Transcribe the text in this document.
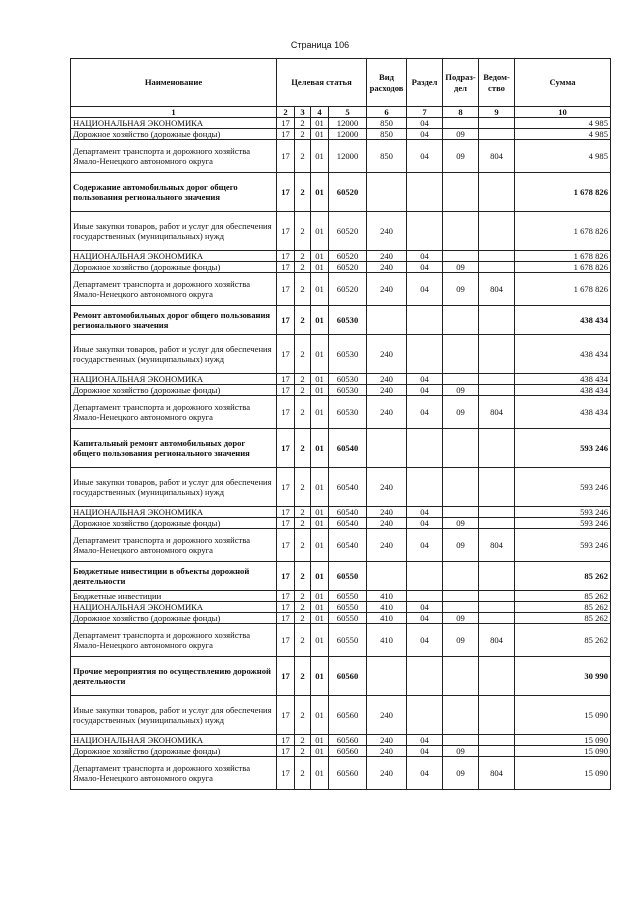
Страница 106
Наименование	Целевая статья				Вид расходов	Раздел	Подраз-дел	Ведом-ство	Сумма
1	2	3	4	5	6	7	8	9	10
НАЦИОНАЛЬНАЯ ЭКОНОМИКА	17	2	01	12000	850	04			4 985
Дорожное хозяйство (дорожные фонды)	17	2	01	12000	850	04	09		4 985
Департамент транспорта и дорожного хозяйства Ямало-Ненецкого автономного округа	17	2	01	12000	850	04	09	804	4 985
Содержание автомобильных дорог общего пользования регионального значения	17	2	01	60520					1 678 826
Иные закупки товаров, работ и услуг для обеспечения государственных (муниципальных) нужд	17	2	01	60520	240				1 678 826
НАЦИОНАЛЬНАЯ ЭКОНОМИКА	17	2	01	60520	240	04			1 678 826
Дорожное хозяйство (дорожные фонды)	17	2	01	60520	240	04	09		1 678 826
Департамент транспорта и дорожного хозяйства Ямало-Ненецкого автономного округа	17	2	01	60520	240	04	09	804	1 678 826
Ремонт автомобильных дорог общего пользования регионального значения	17	2	01	60530					438 434
Иные закупки товаров, работ и услуг для обеспечения государственных (муниципальных) нужд	17	2	01	60530	240				438 434
НАЦИОНАЛЬНАЯ ЭКОНОМИКА	17	2	01	60530	240	04			438 434
Дорожное хозяйство (дорожные фонды)	17	2	01	60530	240	04	09		438 434
Департамент транспорта и дорожного хозяйства Ямало-Ненецкого автономного округа	17	2	01	60530	240	04	09	804	438 434
Капитальный ремонт автомобильных дорог общего пользования регионального значения	17	2	01	60540					593 246
Иные закупки товаров, работ и услуг для обеспечения государственных (муниципальных) нужд	17	2	01	60540	240				593 246
НАЦИОНАЛЬНАЯ ЭКОНОМИКА	17	2	01	60540	240	04			593 246
Дорожное хозяйство (дорожные фонды)	17	2	01	60540	240	04	09		593 246
Департамент транспорта и дорожного хозяйства Ямало-Ненецкого автономного округа	17	2	01	60540	240	04	09	804	593 246
Бюджетные инвестиции в объекты дорожной деятельности	17	2	01	60550					85 262
Бюджетные инвестиции	17	2	01	60550	410				85 262
НАЦИОНАЛЬНАЯ ЭКОНОМИКА	17	2	01	60550	410	04			85 262
Дорожное хозяйство (дорожные фонды)	17	2	01	60550	410	04	09		85 262
Департамент транспорта и дорожного хозяйства Ямало-Ненецкого автономного округа	17	2	01	60550	410	04	09	804	85 262
Прочие мероприятия по осуществлению дорожной деятельности	17	2	01	60560					30 990
Иные закупки товаров, работ и услуг для обеспечения государственных (муниципальных) нужд	17	2	01	60560	240				15 090
НАЦИОНАЛЬНАЯ ЭКОНОМИКА	17	2	01	60560	240	04			15 090
Дорожное хозяйство (дорожные фонды)	17	2	01	60560	240	04	09		15 090
Департамент транспорта и дорожного хозяйства Ямало-Ненецкого автономного округа	17	2	01	60560	240	04	09	804	15 090
